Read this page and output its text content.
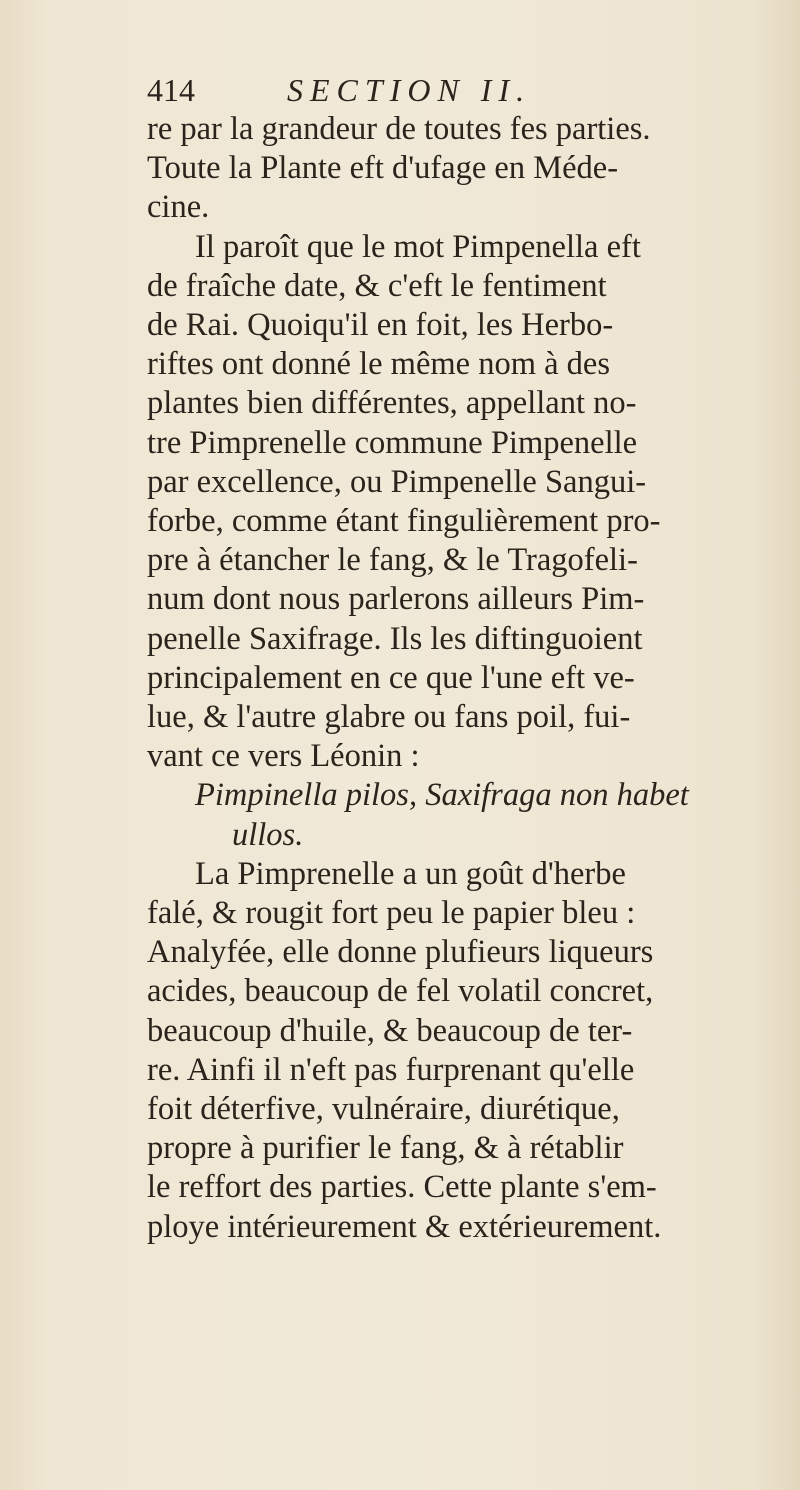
414	SECTION II.

re par la grandeur de toutes fes parties.
Toute la Plante eft d'ufage en Méde-
cine.

Il paroît que le mot Pimpenella eft
de fraîche date, & c'eft le fentiment
de Rai. Quoiqu'il en foit, les Herbo-
riftes ont donné le même nom à des
plantes bien différentes, appellant no-
tre Pimprenelle commune Pimpenelle
par excellence, ou Pimpenelle Sangui-
forbe, comme étant fingulièrement pro-
pre à étancher le fang, & le Tragofeli-
num dont nous parlerons ailleurs Pim-
penelle Saxifrage. Ils les diftinguoient
principalement en ce que l'une eft ve-
lue, & l'autre glabre ou fans poil, fui-
vant ce vers Léonin :

Pimpinella pilos, Saxifraga non habet
ullos.

La Pimprenelle a un goût d'herbe
falé, & rougit fort peu le papier bleu :
Analyfée, elle donne plufieurs liqueurs
acides, beaucoup de fel volatil concret,
beaucoup d'huile, & beaucoup de ter-
re. Ainfi il n'eft pas furprenant qu'elle
foit déterfive, vulnéraire, diurétique,
propre à purifier le fang, & à rétablir
le reffort des parties. Cette plante s'em-
ploye intérieurement & extérieurement.
